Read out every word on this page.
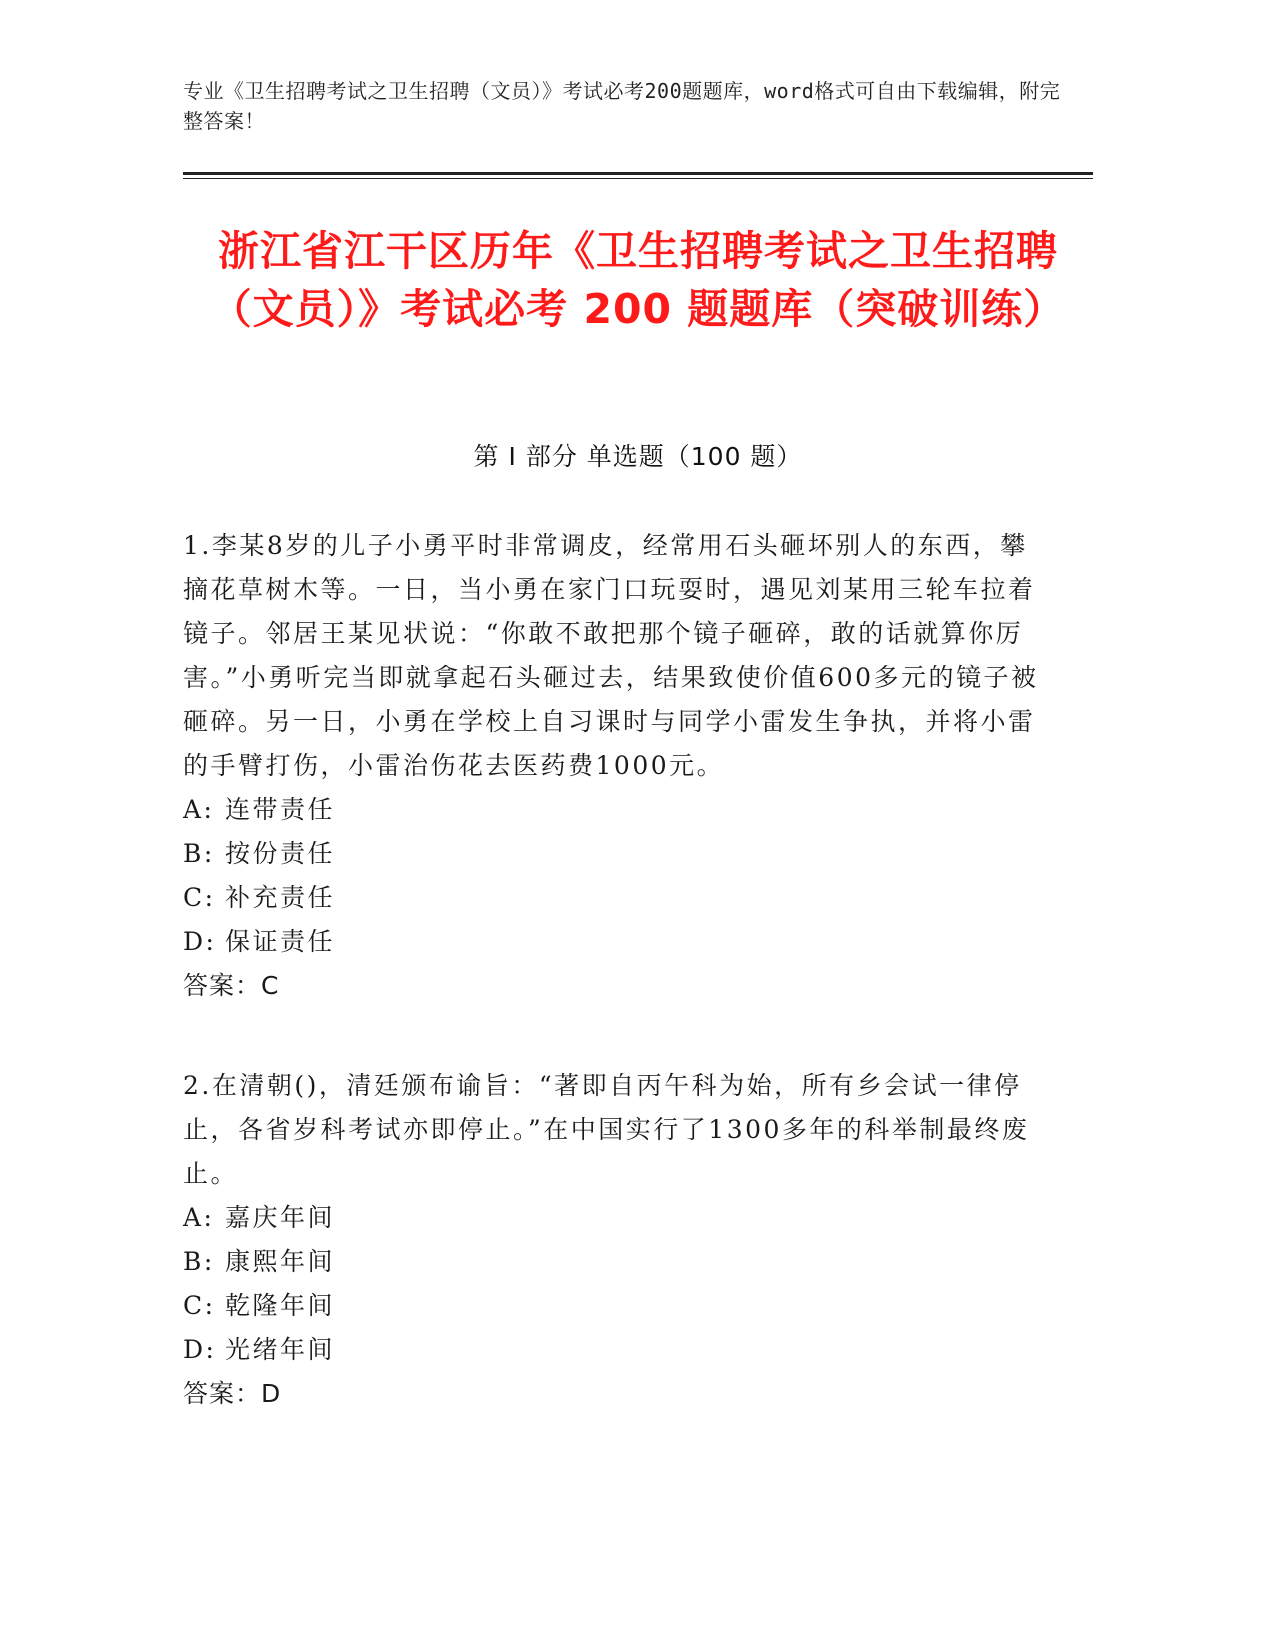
专业《卫生招聘考试之卫生招聘（文员）》考试必考200题题库，word格式可自由下载编辑，附完整答案！
浙江省江干区历年《卫生招聘考试之卫生招聘（文员）》考试必考 200 题题库（突破训练）
第 I 部分 单选题（100 题）

1.李某8岁的儿子小勇平时非常调皮，经常用石头砸坏别人的东西，攀摘花草树木等。一日，当小勇在家门口玩耍时，遇见刘某用三轮车拉着镜子。邻居王某见状说：“你敢不敢把那个镜子砸碎，敢的话就算你厉害。”小勇听完当即就拿起石头砸过去，结果致使价值600多元的镜子被砸碎。另一日，小勇在学校上自习课时与同学小雷发生争执，并将小雷的手臂打伤，小雷治伤花去医药费1000元。

A: 连带责任

B: 按份责任

C: 补充责任

D: 保证责任

答案：C

2.在清朝()，清廷颁布谕旨：“著即自丙午科为始，所有乡会试一律停止，各省岁科考试亦即停止。”在中国实行了1300多年的科举制最终废止。

A: 嘉庆年间

B: 康熙年间

C: 乾隆年间

D: 光绪年间

答案：D
